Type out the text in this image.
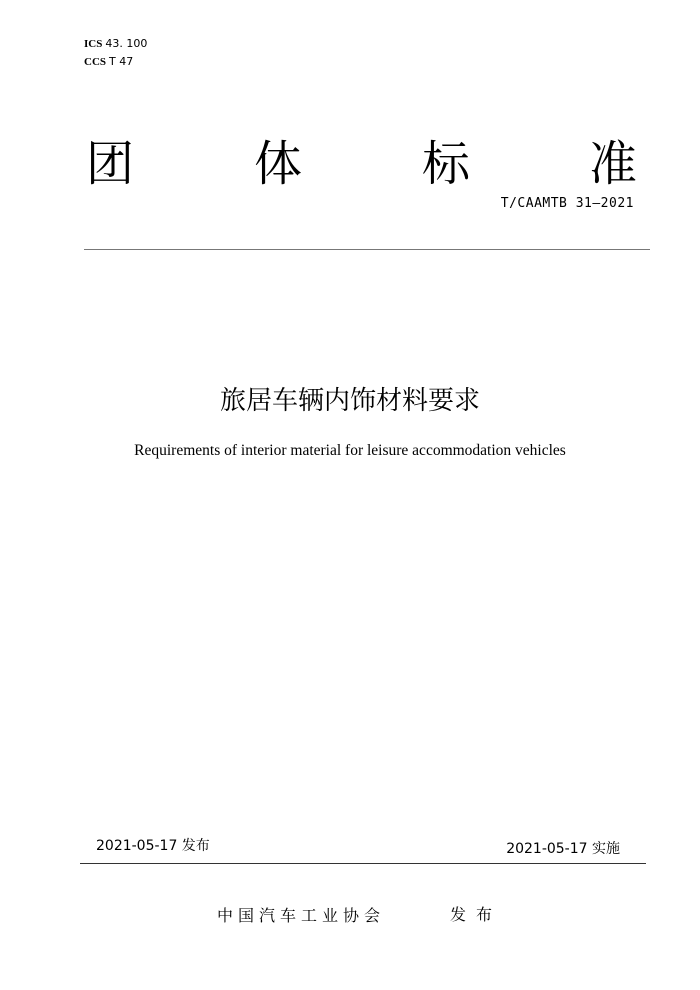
ICS 43. 100
CCS T 47
团 体 标 准
T/CAAMTB 31—2021
旅居车辆内饰材料要求
Requirements of interior material for leisure accommodation vehicles
2021-05-17 发布	2021-05-17 实施
中国汽车工业协会	发布
